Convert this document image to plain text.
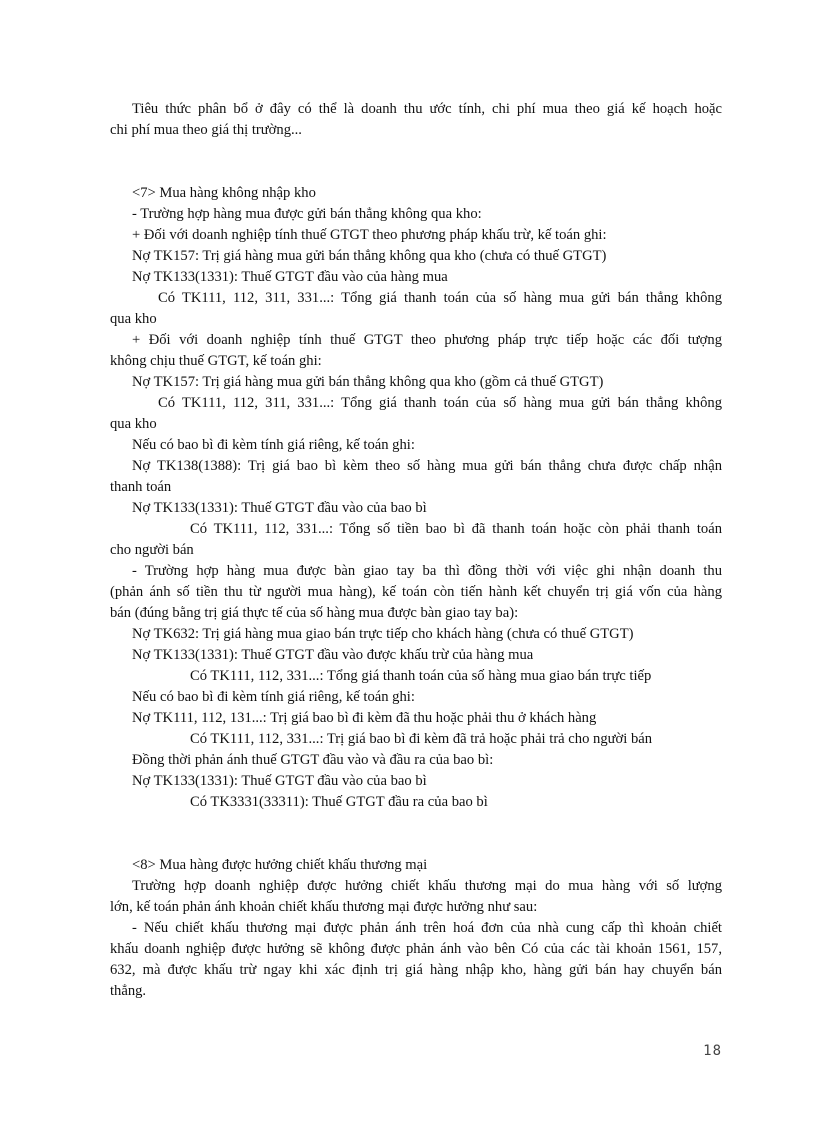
Tiêu thức phân bổ ở đây có thể là doanh thu ước tính, chi phí mua theo giá kế hoạch hoặc
chi phí mua theo giá thị trường...
<7> Mua hàng không nhập kho
- Trường hợp hàng mua được gửi bán thẳng không qua kho:
+ Đối với doanh nghiệp tính thuế GTGT theo phương pháp khấu trừ, kế toán ghi:
Nợ TK157: Trị giá hàng mua gửi bán thẳng không qua kho (chưa có thuế GTGT)
Nợ TK133(1331): Thuế GTGT đầu vào của hàng mua
Có TK111, 112, 311, 331...: Tổng giá thanh toán của số hàng mua gửi bán thẳng không
qua kho
+ Đối với doanh nghiệp tính thuế GTGT theo phương pháp trực tiếp hoặc các đối tượng
không chịu thuế GTGT, kế toán ghi:
Nợ TK157: Trị giá hàng mua gửi bán thẳng không qua kho (gồm cả thuế GTGT)
Có TK111, 112, 311, 331...: Tổng giá thanh toán của số hàng mua gửi bán thẳng không
qua kho
Nếu có bao bì đi kèm tính giá riêng, kế toán ghi:
Nợ TK138(1388): Trị giá bao bì kèm theo số hàng mua gửi bán thẳng chưa được chấp nhận
thanh toán
Nợ TK133(1331): Thuế GTGT đầu vào của bao bì
Có TK111, 112, 331...: Tổng số tiền bao bì đã thanh toán hoặc còn phải thanh toán
cho người bán
- Trường hợp hàng mua được bàn giao tay ba thì đồng thời với việc ghi nhận doanh thu
(phản ánh số tiền thu từ người mua hàng), kế toán còn tiến hành kết chuyển trị giá vốn của hàng
bán (đúng bằng trị giá thực tế của số hàng mua được bàn giao tay ba):
Nợ TK632: Trị giá hàng mua giao bán trực tiếp cho khách hàng (chưa có thuế GTGT)
Nợ TK133(1331): Thuế GTGT đầu vào được khấu trừ của hàng mua
Có TK111, 112, 331...: Tổng giá thanh toán của số hàng mua giao bán trực tiếp
Nếu có bao bì đi kèm tính giá riêng, kế toán ghi:
Nợ TK111, 112, 131...: Trị giá bao bì đi kèm đã thu hoặc phải thu ở khách hàng
Có TK111, 112, 331...: Trị giá bao bì đi kèm đã trả hoặc phải trả cho người bán
Đồng thời phản ánh thuế GTGT đầu vào và đầu ra của bao bì:
Nợ TK133(1331): Thuế GTGT đầu vào của bao bì
Có TK3331(33311): Thuế GTGT đầu ra của bao bì
<8> Mua hàng được hưởng chiết khấu thương mại
Trường hợp doanh nghiệp được hưởng chiết khấu thương mại do mua hàng với số lượng
lớn, kế toán phản ánh khoản chiết khấu thương mại được hưởng như sau:
- Nếu chiết khấu thương mại được phản ánh trên hoá đơn của nhà cung cấp thì khoản chiết
khấu doanh nghiệp được hưởng sẽ không được phản ánh vào bên Có của các tài khoản 1561, 157,
632, mà được khấu trừ ngay khi xác định trị giá hàng nhập kho, hàng gửi bán hay chuyển bán
thẳng.
18
